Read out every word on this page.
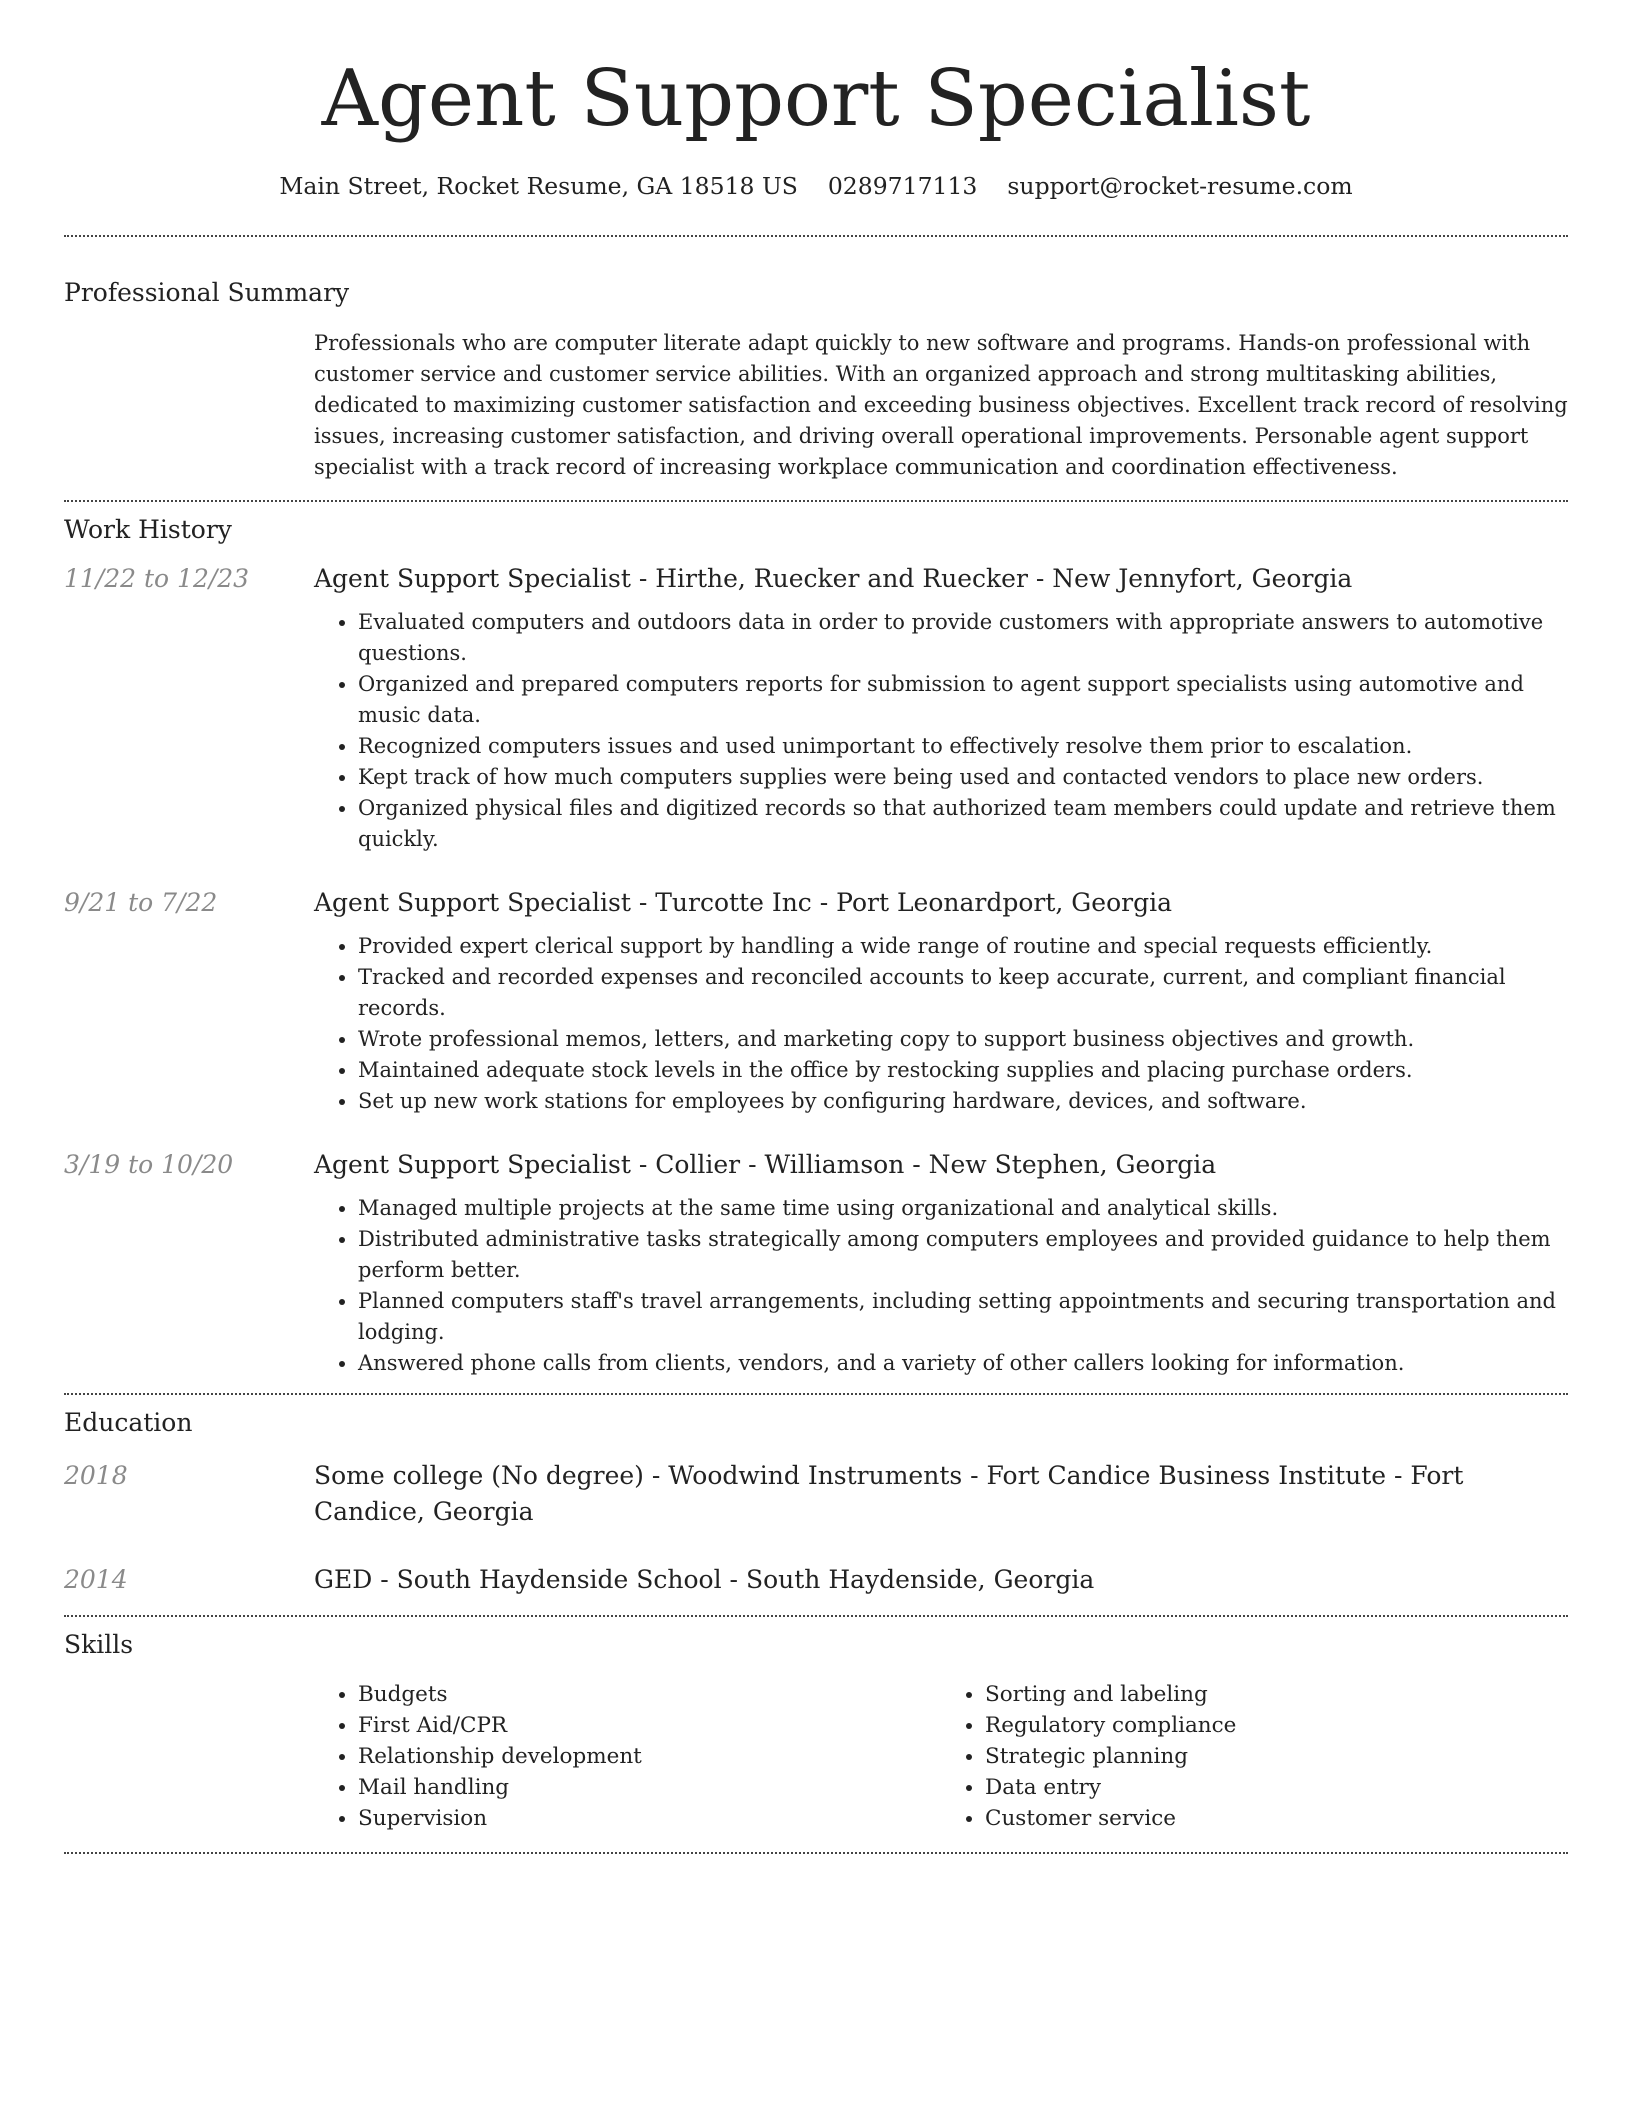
Agent Support Specialist
Main Street, Rocket Resume, GA 18518 US 0289717113 support@rocket-resume.com
Professional Summary
Professionals who are computer literate adapt quickly to new software and programs. Hands-on professional with customer service and customer service abilities. With an organized approach and strong multitasking abilities, dedicated to maximizing customer satisfaction and exceeding business objectives. Excellent track record of resolving issues, increasing customer satisfaction, and driving overall operational improvements. Personable agent support specialist with a track record of increasing workplace communication and coordination effectiveness.
Work History
11/22 to 12/23	Agent Support Specialist - Hirthe, Ruecker and Ruecker - New Jennyfort, Georgia
• Evaluated computers and outdoors data in order to provide customers with appropriate answers to automotive questions.
• Organized and prepared computers reports for submission to agent support specialists using automotive and music data.
• Recognized computers issues and used unimportant to effectively resolve them prior to escalation.
• Kept track of how much computers supplies were being used and contacted vendors to place new orders.
• Organized physical files and digitized records so that authorized team members could update and retrieve them quickly.
9/21 to 7/22	Agent Support Specialist - Turcotte Inc - Port Leonardport, Georgia
• Provided expert clerical support by handling a wide range of routine and special requests efficiently.
• Tracked and recorded expenses and reconciled accounts to keep accurate, current, and compliant financial records.
• Wrote professional memos, letters, and marketing copy to support business objectives and growth.
• Maintained adequate stock levels in the office by restocking supplies and placing purchase orders.
• Set up new work stations for employees by configuring hardware, devices, and software.
3/19 to 10/20	Agent Support Specialist - Collier - Williamson - New Stephen, Georgia
• Managed multiple projects at the same time using organizational and analytical skills.
• Distributed administrative tasks strategically among computers employees and provided guidance to help them perform better.
• Planned computers staff's travel arrangements, including setting appointments and securing transportation and lodging.
• Answered phone calls from clients, vendors, and a variety of other callers looking for information.
Education
2018	Some college (No degree) - Woodwind Instruments - Fort Candice Business Institute - Fort Candice, Georgia
2014	GED - South Haydenside School - South Haydenside, Georgia
Skills
• Budgets
• First Aid/CPR
• Relationship development
• Mail handling
• Supervision
• Sorting and labeling
• Regulatory compliance
• Strategic planning
• Data entry
• Customer service
